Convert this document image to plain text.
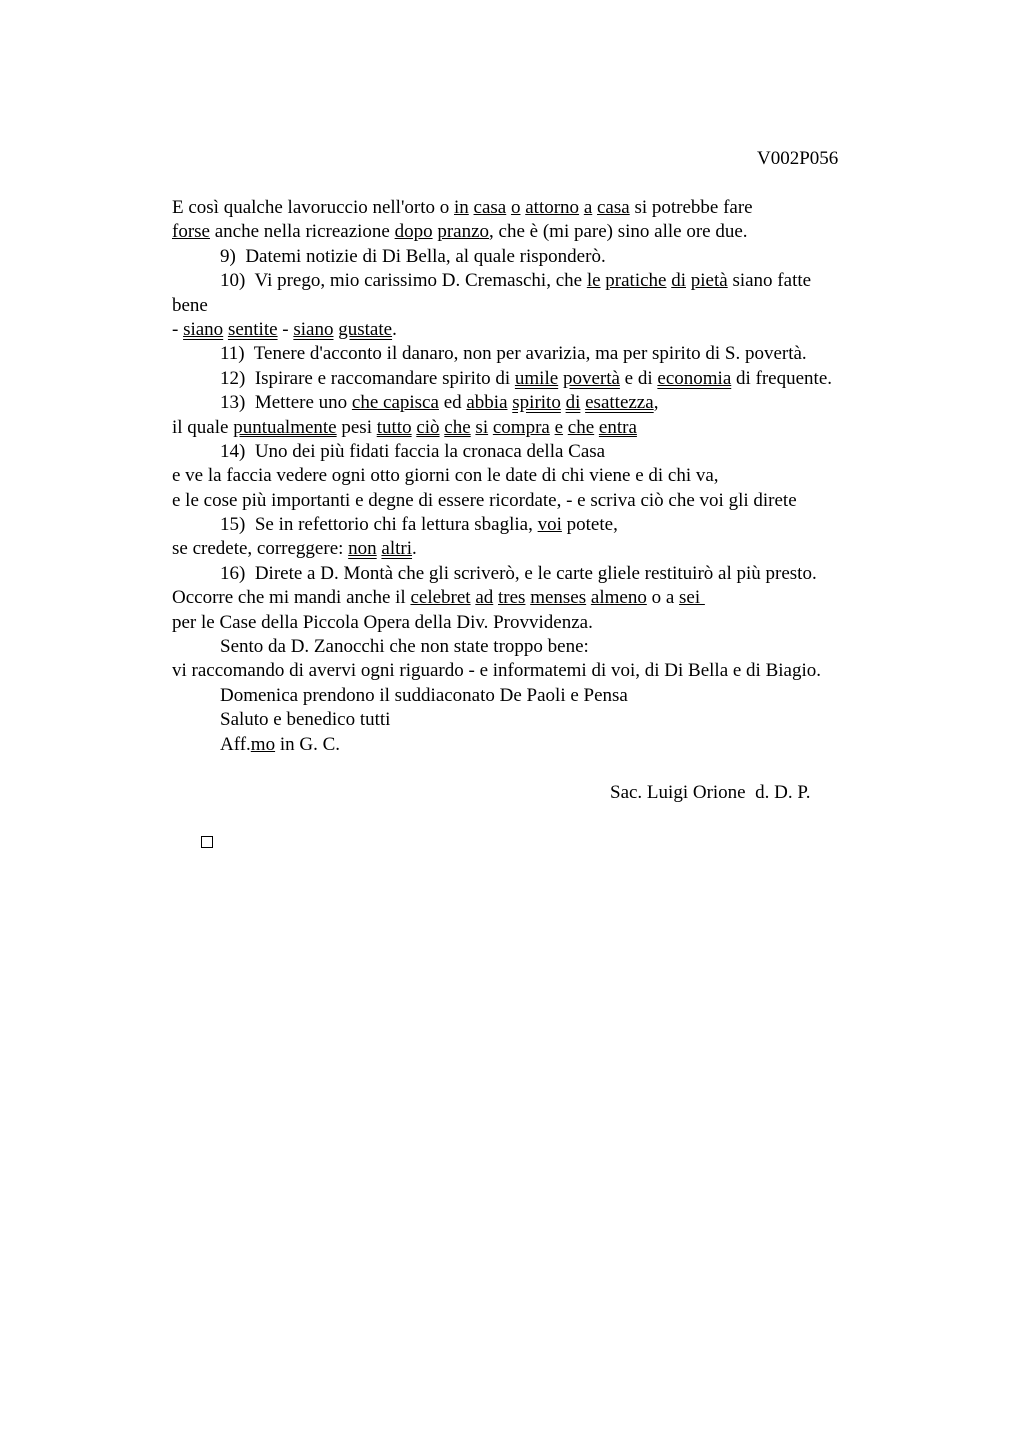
V002P056
E così qualche lavoruccio nell'orto o in casa o attorno a casa si potrebbe fare
forse anche nella ricreazione dopo pranzo, che è (mi pare) sino alle ore due.
9)  Datemi notizie di Di Bella, al quale risponderò.
10)  Vi prego, mio carissimo D. Cremaschi, che le pratiche di pietà siano fatte
bene
- siano sentite - siano gustate.
11)  Tenere d'acconto il danaro, non per avarizia, ma per spirito di S. povertà.
12)  Ispirare e raccomandare spirito di umile povertà e di economia di frequente.
13)  Mettere uno che capisca ed abbia spirito di esattezza,
il quale puntualmente pesi tutto ciò che si compra e che entra
14)  Uno dei più fidati faccia la cronaca della Casa
e ve la faccia vedere ogni otto giorni con le date di chi viene e di chi va,
e le cose più importanti e degne di essere ricordate, - e scriva ciò che voi gli direte
15)  Se in refettorio chi fa lettura sbaglia, voi potete,
se credete, correggere: non altri.
16)  Direte a D. Montà che gli scriverò, e le carte gliele restituirò al più presto.
Occorre che mi mandi anche il celebret ad tres menses almeno o a sei
per le Case della Piccola Opera della Div. Provvidenza.
Sento da D. Zanocchi che non state troppo bene:
vi raccomando di avervi ogni riguardo - e informatemi di voi, di Di Bella e di Biagio.
Domenica prendono il suddiaconato De Paoli e Pensa
Saluto e benedico tutti
Aff.mo in G. C.
Sac. Luigi Orione  d. D. P.
